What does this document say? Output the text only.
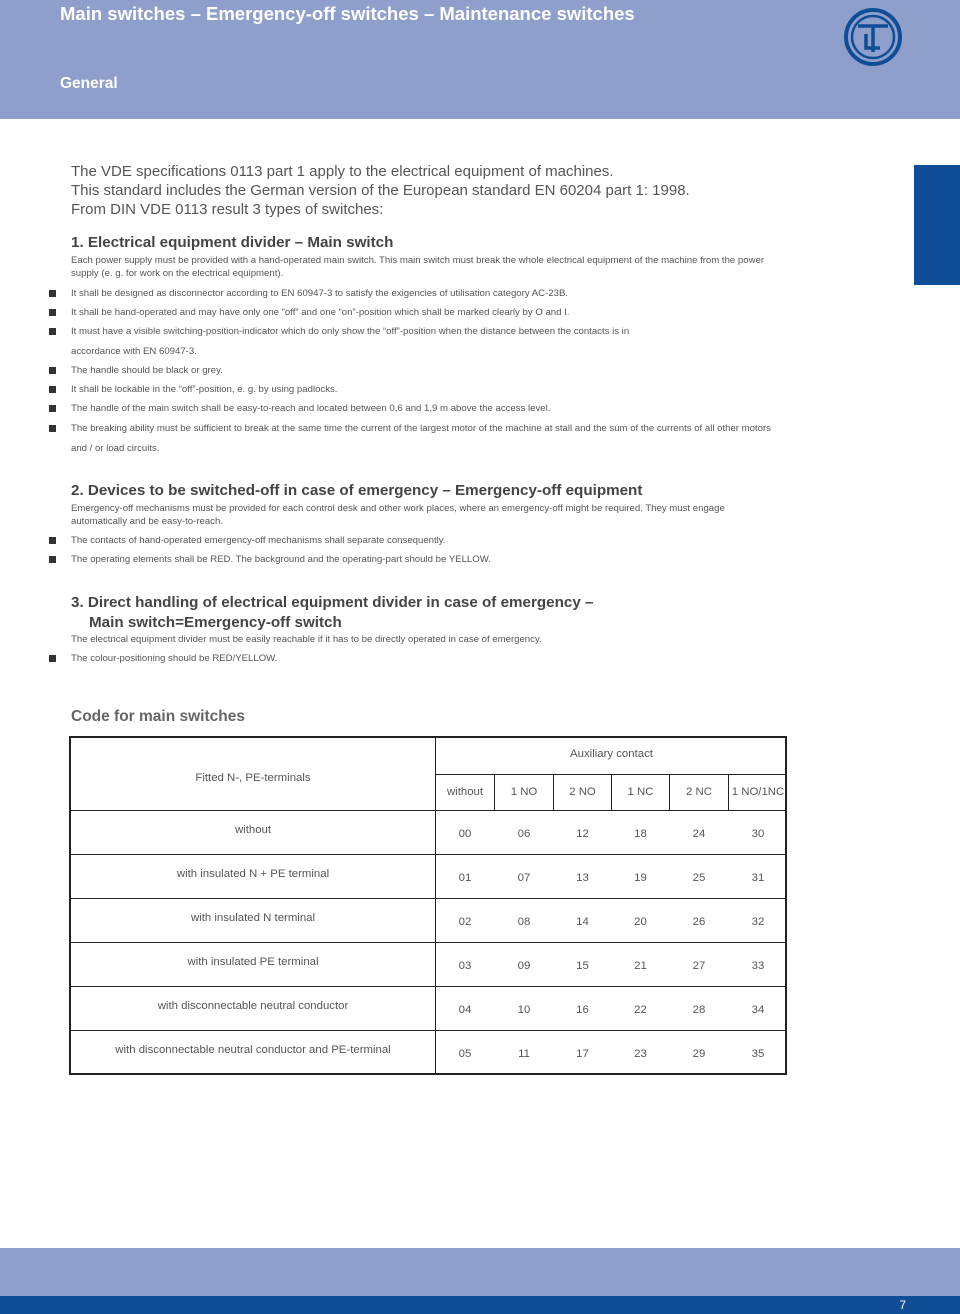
Main switches – Emergency-off switches – Maintenance switches
General
The VDE specifications 0113 part 1 apply to the electrical equipment of machines.
This standard includes the German version of the European standard EN 60204 part 1: 1998.
From DIN VDE 0113 result 3 types of switches:
1. Electrical equipment divider – Main switch
Each power supply must be provided with a hand-operated main switch. This main switch must break the whole electrical equipment of the machine from the power supply (e. g. for work on the electrical equipment).
It shall be designed as disconnector according to EN 60947-3 to satisfy the exigencies of utilisation category AC-23B.
It shall be hand-operated and may have only one “off” and one “on”-position which shall be marked clearly by O and I.
It must have a visible switching-position-indicator which do only show the “off”-position when the distance between the contacts is in accordance with EN 60947-3.
The handle should be black or grey.
It shall be lockable in the “off”-position, e. g. by using padlocks.
The handle of the main switch shall be easy-to-reach and located between 0,6 and 1,9 m above the access level.
The breaking ability must be sufficient to break at the same time the current of the largest motor of the machine at stall and the sum of the currents of all other motors and / or load circuits.
2. Devices to be switched-off in case of emergency – Emergency-off equipment
Emergency-off mechanisms must be provided for each control desk and other work places, where an emergency-off might be required. They must engage automatically and be easy-to-reach.
The contacts of hand-operated emergency-off mechanisms shall separate consequently.
The operating elements shall be RED. The background and the operating-part should be YELLOW.
3. Direct handling of electrical equipment divider in case of emergency –
Main switch=Emergency-off switch
The electrical equipment divider must be easily reachable if it has to be directly operated in case of emergency.
The colour-positioning should be RED/YELLOW.
Code for main switches
Fitted N-, PE-terminals
Auxiliary contact
without	1 NO	2 NO	1 NC	2 NC	1 NO/1NC
without	00	06	12	18	24	30
with insulated N + PE terminal	01	07	13	19	25	31
with insulated N terminal	02	08	14	20	26	32
with insulated PE terminal	03	09	15	21	27	33
with disconnectable neutral conductor	04	10	16	22	28	34
with disconnectable neutral conductor and PE-terminal	05	11	17	23	29	35
7
